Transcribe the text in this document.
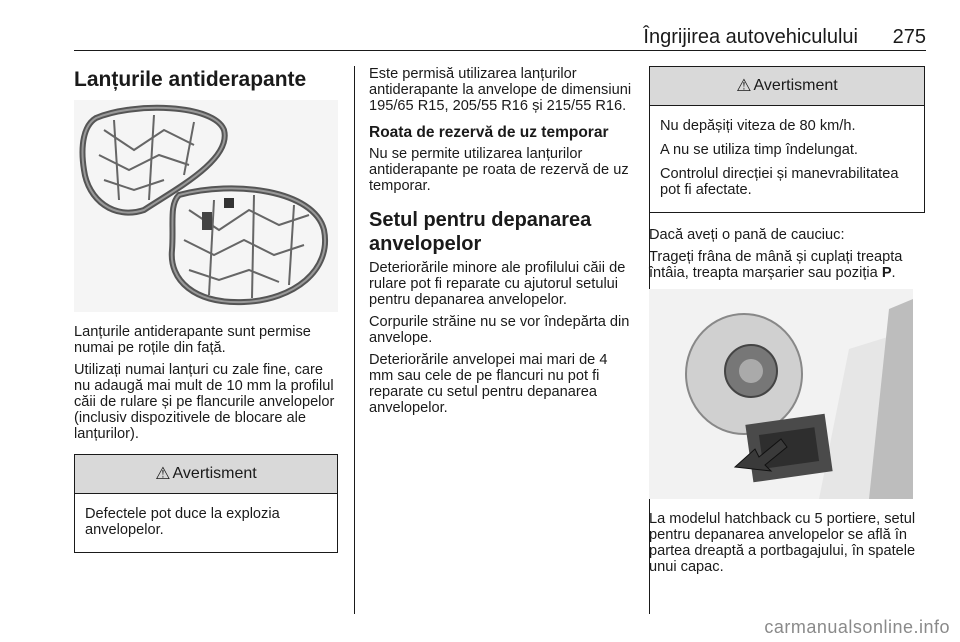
Îngrijirea autovehiculului 275
Lanțurile antiderapante

Lanțurile antiderapante sunt permise numai pe roțile din față.

Utilizați numai lanțuri cu zale fine, care nu adaugă mai mult de 10 mm la profilul căii de rulare și pe flancurile anvelopelor (inclusiv dispozitivele de blocare ale lanțurilor).

⚠ Avertisment

Defectele pot duce la explozia anvelopelor.

Este permisă utilizarea lanțurilor antiderapante la anvelope de dimensiuni 195/65 R15, 205/55 R16 și 215/55 R16.

Roata de rezervă de uz temporar

Nu se permite utilizarea lanțurilor antiderapante pe roata de rezervă de uz temporar.

Setul pentru depanarea anvelopelor

Deteriorările minore ale profilului căii de rulare pot fi reparate cu ajutorul setului pentru depanarea anvelopelor.

Corpurile străine nu se vor îndepărta din anvelope.

Deteriorările anvelopei mai mari de 4 mm sau cele de pe flancuri nu pot fi reparate cu setul pentru depanarea anvelopelor.

⚠ Avertisment

Nu depășiți viteza de 80 km/h.

A nu se utiliza timp îndelungat.

Controlul direcției și manevrabilitatea pot fi afectate.

Dacă aveți o pană de cauciuc:

Trageți frâna de mână și cuplați treapta întâia, treapta marșarier sau poziția P.

La modelul hatchback cu 5 portiere, setul pentru depanarea anvelopelor se află în partea dreaptă a portbagajului, în spatele unui capac.

carmanualsonline.info
